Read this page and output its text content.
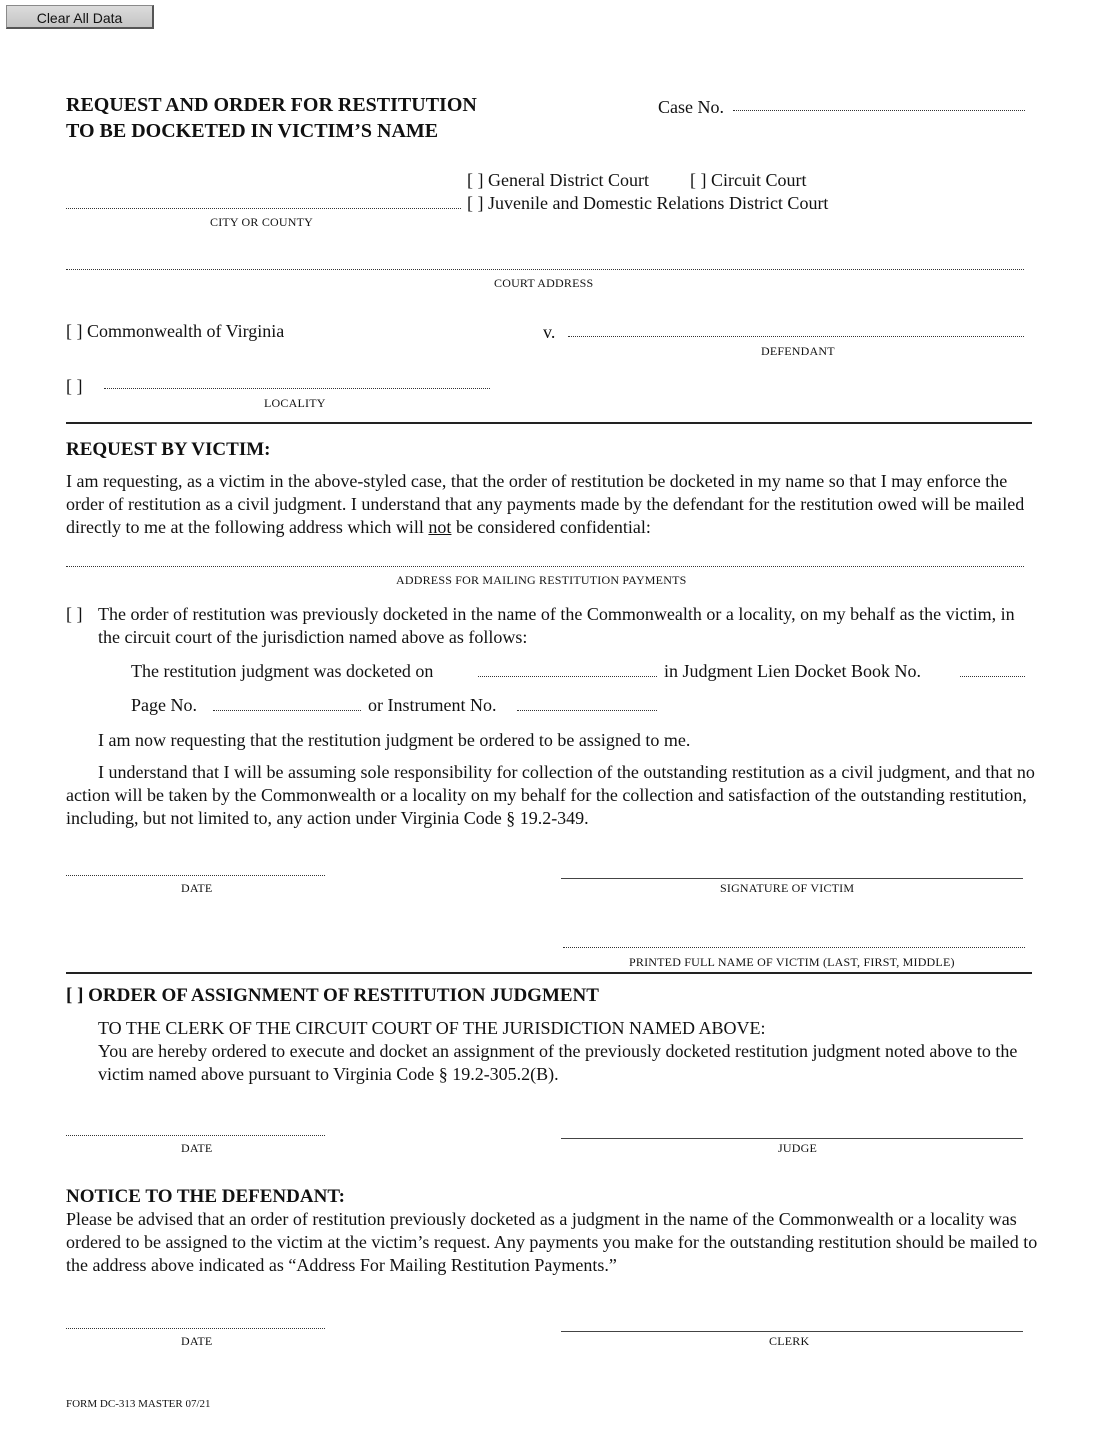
Clear All Data
REQUEST AND ORDER FOR RESTITUTION
TO BE DOCKETED IN VICTIM’S NAME
Case No.
[ ] General District Court [ ] Circuit Court
[ ] Juvenile and Domestic Relations District Court
CITY OR COUNTY
COURT ADDRESS
[ ] Commonwealth of Virginia	v.
DEFENDANT
[ ]
LOCALITY
REQUEST BY VICTIM:
I am requesting, as a victim in the above-styled case, that the order of restitution be docketed in my name so that I may enforce the order of restitution as a civil judgment. I understand that any payments made by the defendant for the restitution owed will be mailed directly to me at the following address which will not be considered confidential:
ADDRESS FOR MAILING RESTITUTION PAYMENTS
[ ] The order of restitution was previously docketed in the name of the Commonwealth or a locality, on my behalf as the victim, in the circuit court of the jurisdiction named above as follows:
The restitution judgment was docketed on	in Judgment Lien Docket Book No.
Page No.	or Instrument No.
I am now requesting that the restitution judgment be ordered to be assigned to me.
I understand that I will be assuming sole responsibility for collection of the outstanding restitution as a civil judgment, and that no action will be taken by the Commonwealth or a locality on my behalf for the collection and satisfaction of the outstanding restitution, including, but not limited to, any action under Virginia Code § 19.2-349.
DATE	SIGNATURE OF VICTIM
PRINTED FULL NAME OF VICTIM (LAST, FIRST, MIDDLE)
[ ] ORDER OF ASSIGNMENT OF RESTITUTION JUDGMENT
TO THE CLERK OF THE CIRCUIT COURT OF THE JURISDICTION NAMED ABOVE:
You are hereby ordered to execute and docket an assignment of the previously docketed restitution judgment noted above to the victim named above pursuant to Virginia Code § 19.2-305.2(B).
DATE	JUDGE
NOTICE TO THE DEFENDANT:
Please be advised that an order of restitution previously docketed as a judgment in the name of the Commonwealth or a locality was ordered to be assigned to the victim at the victim’s request. Any payments you make for the outstanding restitution should be mailed to the address above indicated as “Address For Mailing Restitution Payments.”
DATE	CLERK
FORM DC-313 MASTER 07/21
